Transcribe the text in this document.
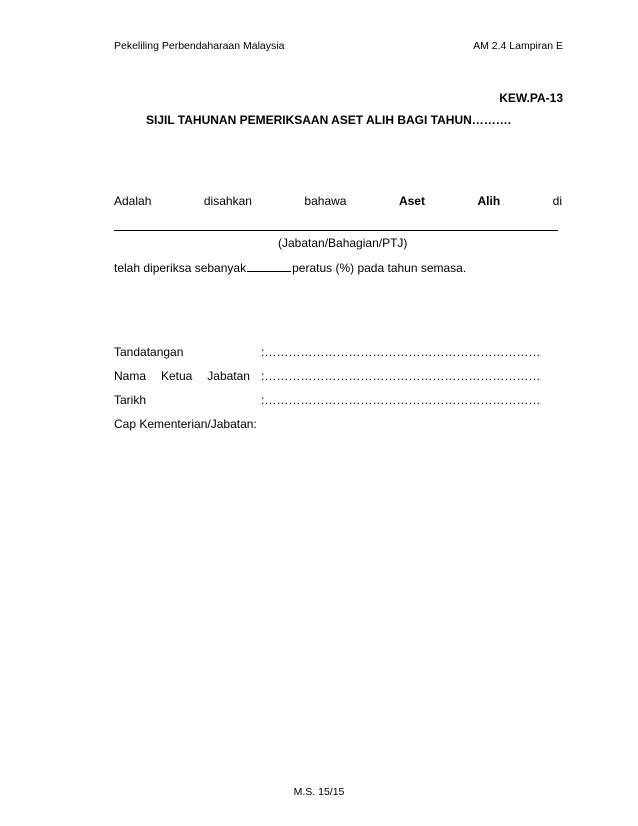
Pekeliling Perbendaharaan Malaysia	AM 2.4 Lampiran E
KEW.PA-13
SIJIL TAHUNAN PEMERIKSAAN ASET ALIH BAGI TAHUN……….
Adalah	disahkan	bahawa	Aset	Alih	di
(Jabatan/Bahagian/PTJ)
telah diperiksa sebanyak	peratus (%) pada tahun semasa.
Tandatangan	:……………………………………………………………
Nama Ketua Jabatan :……………………………………………………………
Tarikh	:……………………………………………………………
Cap Kementerian/Jabatan:
M.S. 15/15
